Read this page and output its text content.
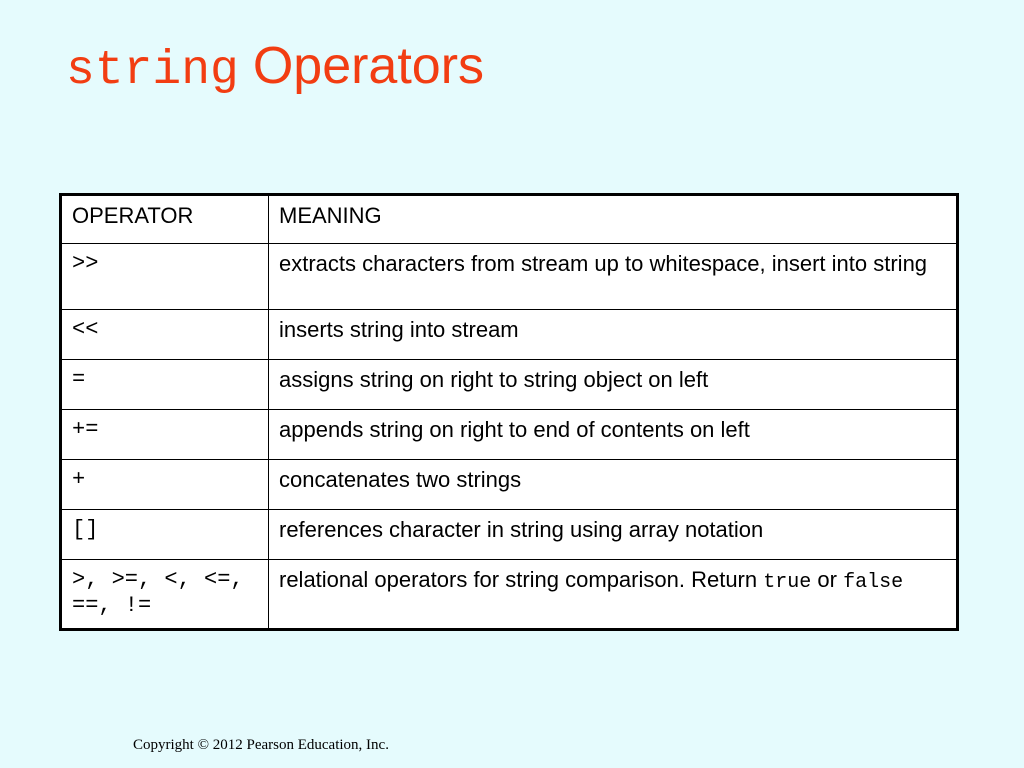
string Operators
OPERATOR	MEANING
>>	extracts characters from stream up to whitespace, insert into string
<<	inserts string into stream
=	assigns string on right to string object on left
+=	appends string on right to end of contents on left
+	concatenates two strings
[]	references character in string using array notation
>, >=, <, <=, ==, !=	relational operators for string comparison. Return true or false
Copyright © 2012 Pearson Education, Inc.
